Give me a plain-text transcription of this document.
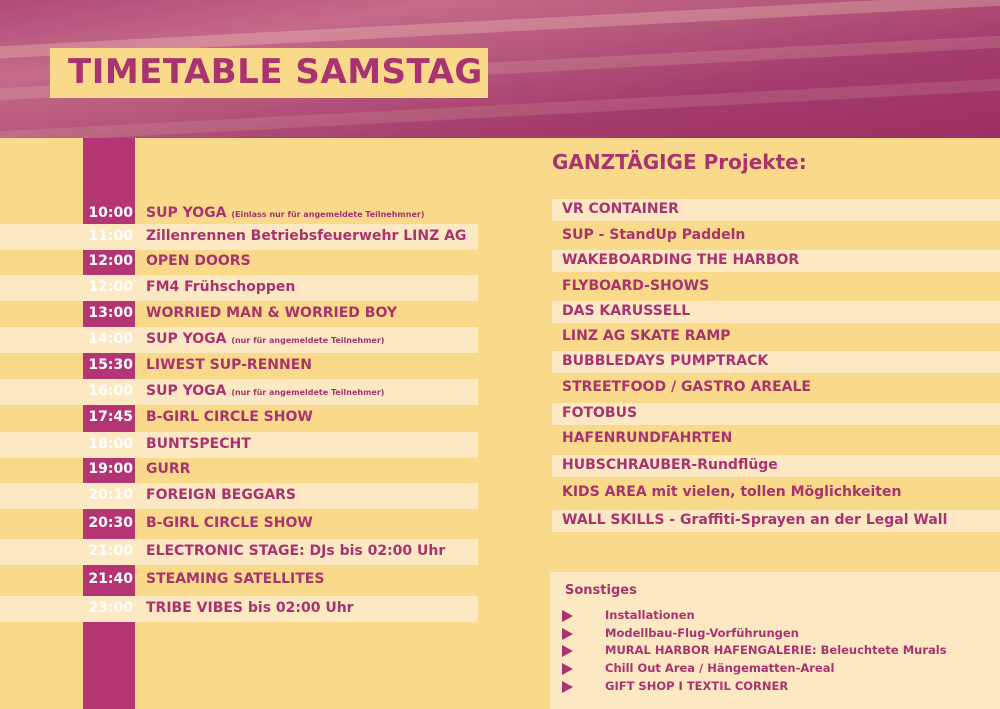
TIMETABLE SAMSTAG
10:00 SUP YOGA (Einlass nur für angemeldete Teilnehmner)
11:00 Zillenrennen Betriebsfeuerwehr LINZ AG
12:00 OPEN DOORS
12:00 FM4 Frühschoppen
13:00 WORRIED MAN & WORRIED BOY
14:00 SUP YOGA (nur für angemeldete Teilnehmer)
15:30 LIWEST SUP-RENNEN
16:00 SUP YOGA (nur für angemeldete Teilnehmer)
17:45 B-GIRL CIRCLE SHOW
18:00 BUNTSPECHT
19:00 GURR
20:10 FOREIGN BEGGARS
20:30 B-GIRL CIRCLE SHOW
21:00 ELECTRONIC STAGE: DJs bis 02:00 Uhr
21:40 STEAMING SATELLITES
23:00 TRIBE VIBES bis 02:00 Uhr
GANZTÄGIGE Projekte:
VR CONTAINER
SUP - StandUp Paddeln
WAKEBOARDING THE HARBOR
FLYBOARD-SHOWS
DAS KARUSSELL
LINZ AG SKATE RAMP
BUBBLEDAYS PUMPTRACK
STREETFOOD / GASTRO AREALE
FOTOBUS
HAFENRUNDFAHRTEN
HUBSCHRAUBER-Rundflüge
KIDS AREA mit vielen, tollen Möglichkeiten
WALL SKILLS - Graffiti-Sprayen an der Legal Wall
Sonstiges
Installationen
Modellbau-Flug-Vorführungen
MURAL HARBOR HAFENGALERIE: Beleuchtete Murals
Chill Out Area / Hängematten-Areal
GIFT SHOP I TEXTIL CORNER
